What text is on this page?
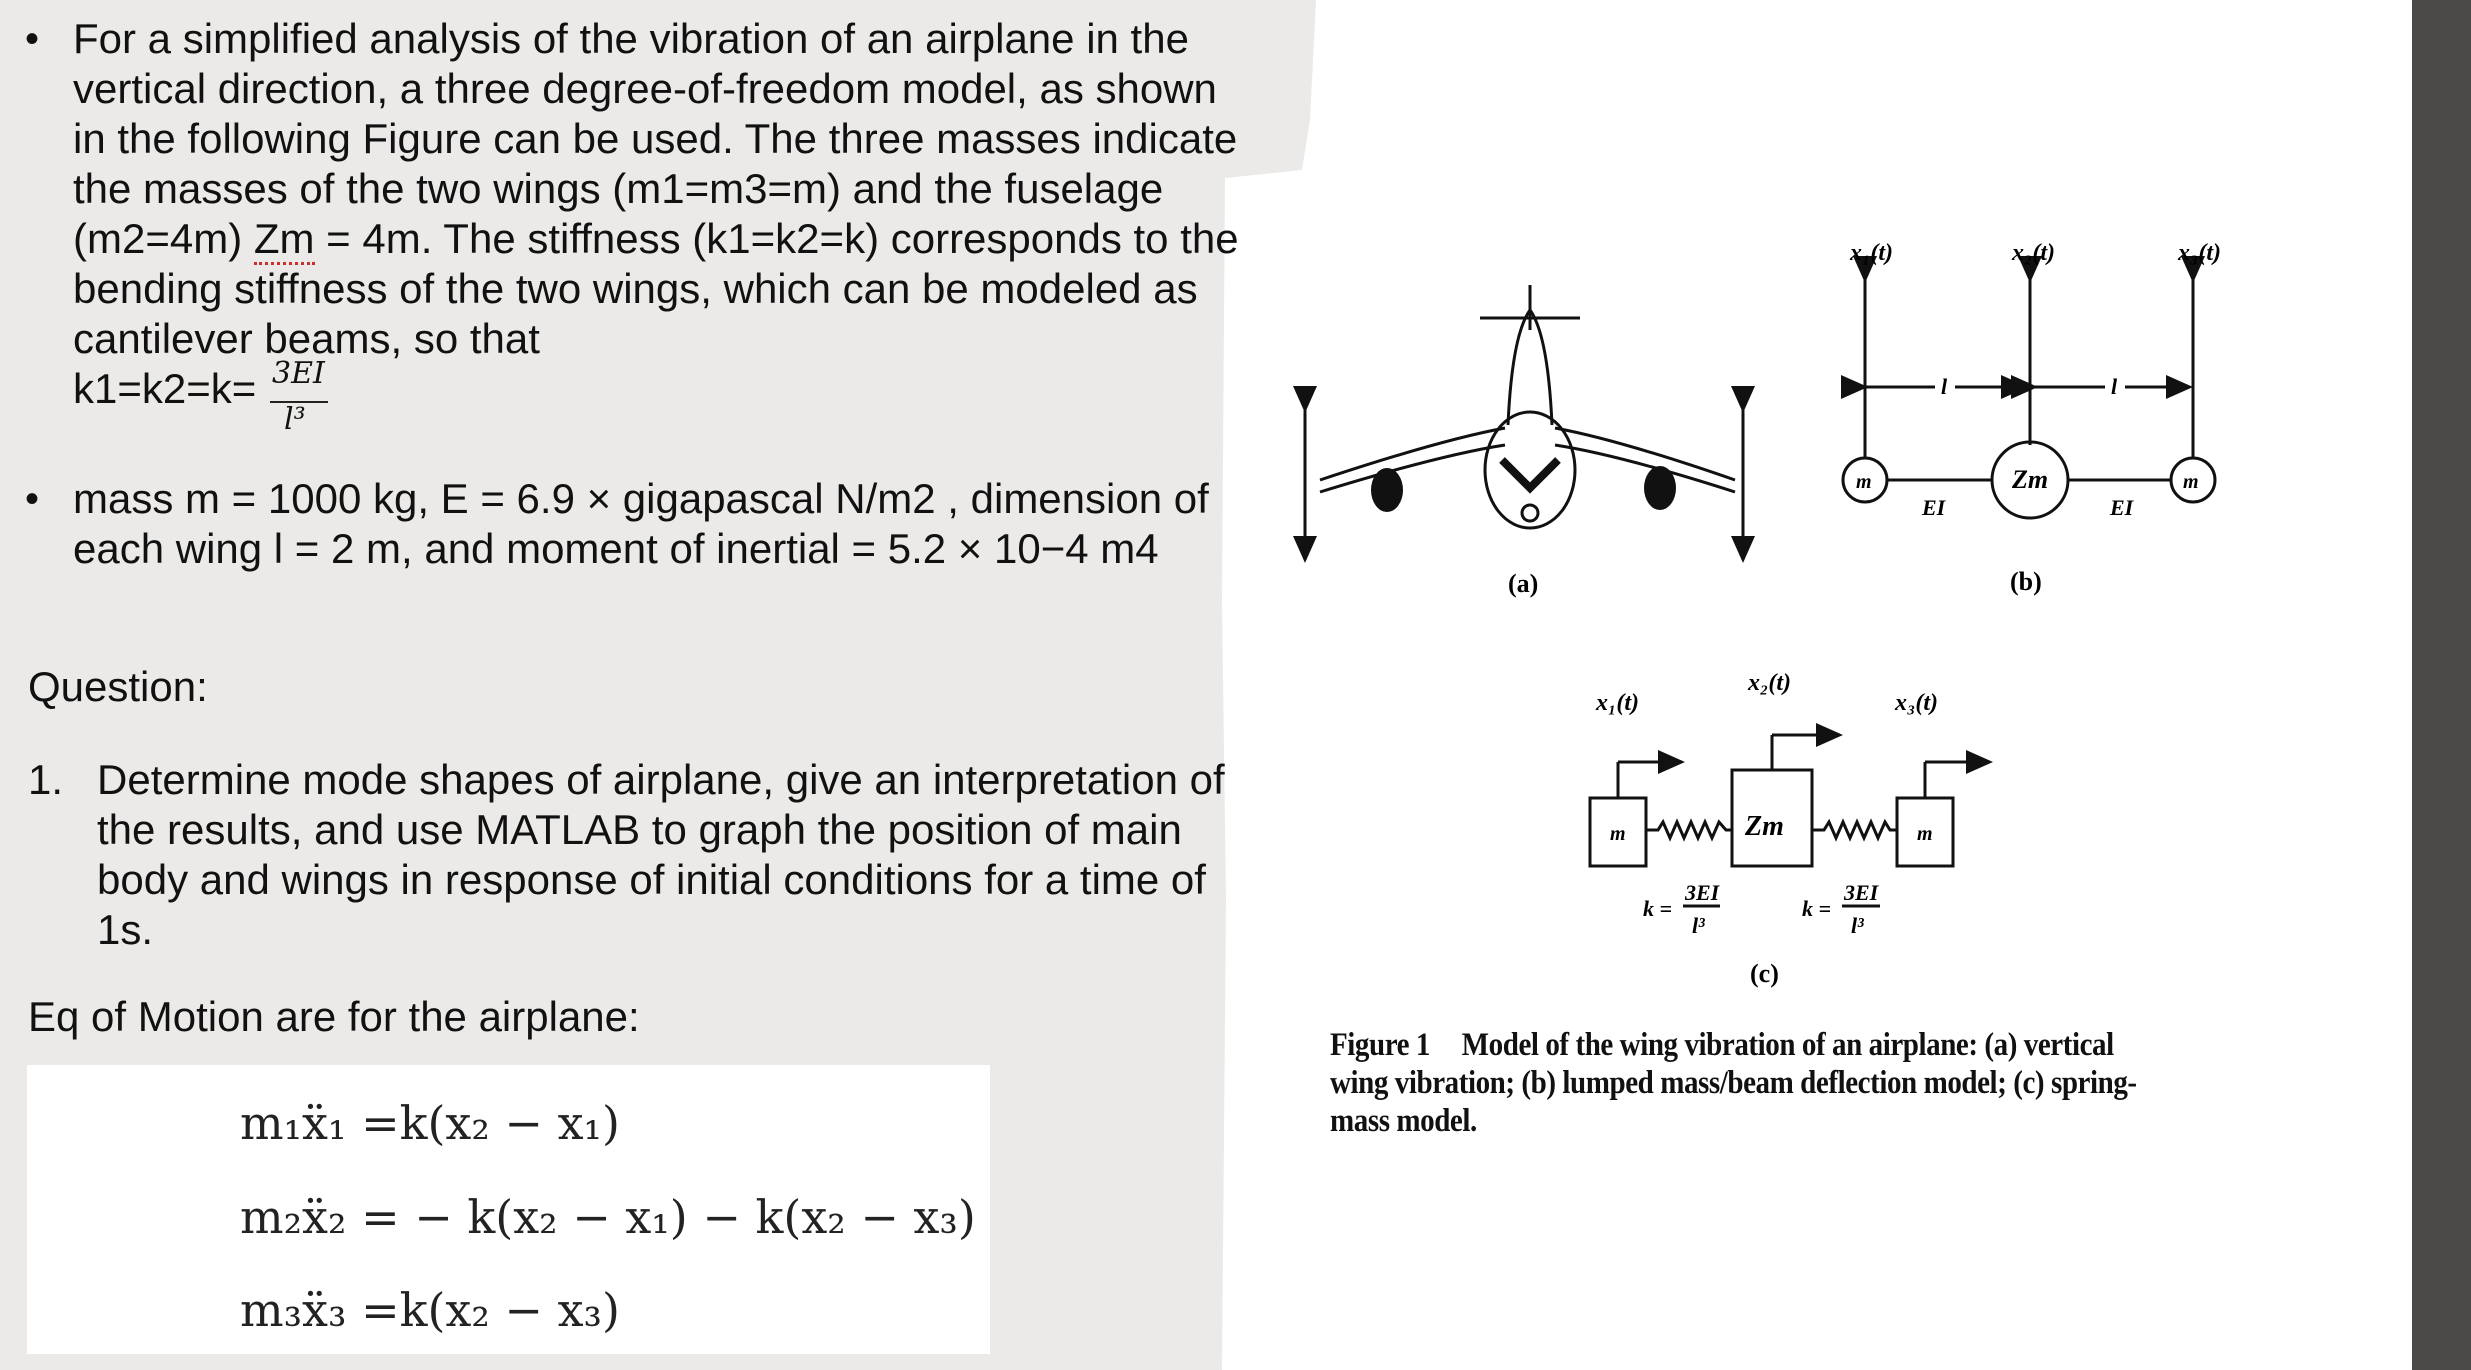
• For a simplified analysis of the vibration of an airplane in the vertical direction, a three degree-of-freedom model, as shown in the following Figure can be used. The three masses indicate the masses of the two wings (m1=m3=m) and the fuselage (m2=4m) Zm = 4m. The stiffness (k1=k2=k) corresponds to the bending stiffness of the two wings, which can be modeled as cantilever beams, so that
k1=k2=k= 3EI
l³
• mass m = 1000 kg, E = 6.9 × gigapascal N/m2 , dimension of each wing l = 2 m, and moment of inertial = 5.2 × 10−4 m4

Question:

1. Determine mode shapes of airplane, give an interpretation of the results, and use MATLAB to graph the position of main body and wings in response of initial conditions for a time of 1s.

Eq of Motion are for the airplane:

m₁ẍ₁ =k(x₂ − x₁)
m₂ẍ₂ = − k(x₂ − x₁) − k(x₂ − x₃)
m₃ẍ₃ =k(x₂ − x₃)
(a)
x₁(t)	x₂(t)	x₃(t)
l	l
m	Zm	m
EI	EI
(b)
x₁(t)
x₂(t)
x₃(t)
m	Zm	m
k =
3EI
l³
k =
3EI
l³
(c)
Figure 1 Model of the wing vibration of an airplane: (a) vertical wing vibration; (b) lumped mass/beam deflection model; (c) spring-mass model.
